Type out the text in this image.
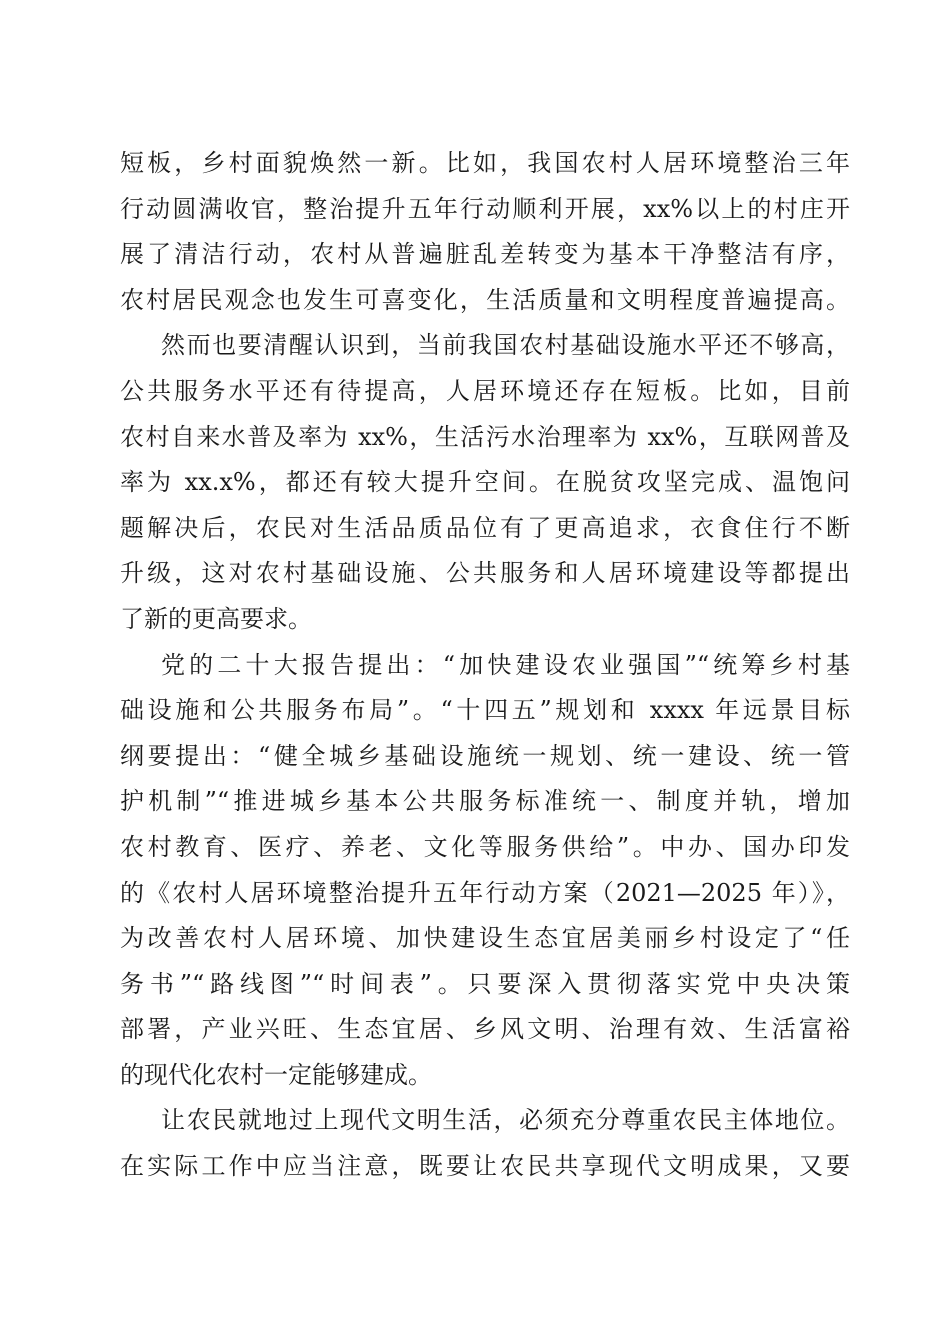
短板，乡村面貌焕然一新。比如，我国农村人居环境整治三年
行动圆满收官，整治提升五年行动顺利开展，xx%以上的村庄开
展了清洁行动，农村从普遍脏乱差转变为基本干净整洁有序，
农村居民观念也发生可喜变化，生活质量和文明程度普遍提高。
然而也要清醒认识到，当前我国农村基础设施水平还不够高，
公共服务水平还有待提高，人居环境还存在短板。比如，目前
农村自来水普及率为 xx%，生活污水治理率为 xx%，互联网普及
率为 xx.x%，都还有较大提升空间。在脱贫攻坚完成、温饱问
题解决后，农民对生活品质品位有了更高追求，衣食住行不断
升级，这对农村基础设施、公共服务和人居环境建设等都提出
了新的更高要求。
党的二十大报告提出：“加快建设农业强国”“统筹乡村基
础设施和公共服务布局”。“十四五”规划和 xxxx 年远景目标
纲要提出：“健全城乡基础设施统一规划、统一建设、统一管
护机制”“推进城乡基本公共服务标准统一、制度并轨，增加
农村教育、医疗、养老、文化等服务供给”。中办、国办印发
的《农村人居环境整治提升五年行动方案（2021—2025 年）》，
为改善农村人居环境、加快建设生态宜居美丽乡村设定了“任
务书”“路线图”“时间表”。只要深入贯彻落实党中央决策
部署，产业兴旺、生态宜居、乡风文明、治理有效、生活富裕
的现代化农村一定能够建成。
让农民就地过上现代文明生活，必须充分尊重农民主体地位。
在实际工作中应当注意，既要让农民共享现代文明成果，又要
